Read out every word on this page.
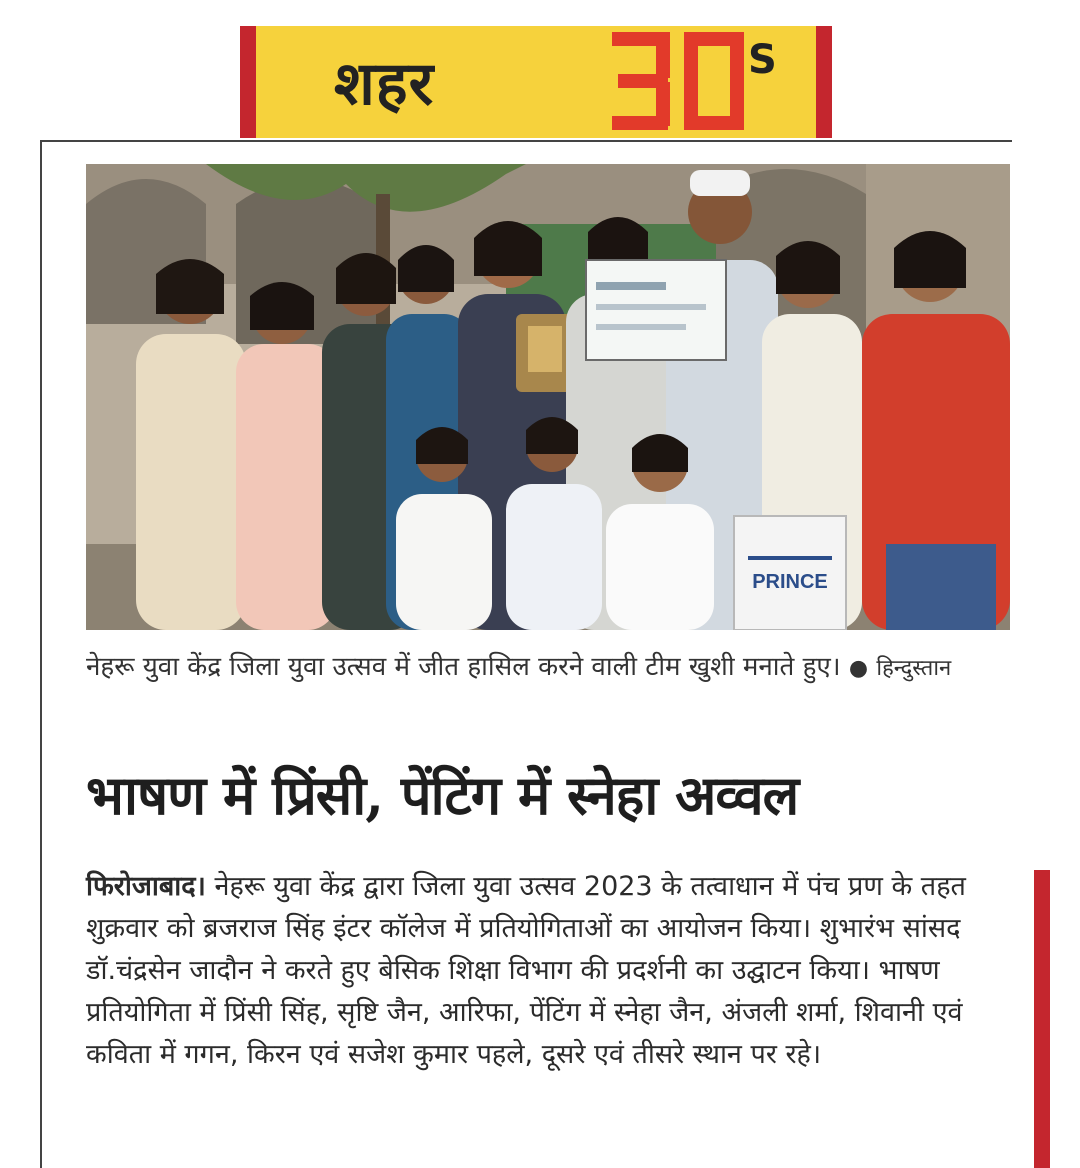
शहर	S
PRINCE
नेहरू युवा केंद्र जिला युवा उत्सव में जीत हासिल करने वाली टीम खुशी मनाते हुए। ● हिन्दुस्तान
भाषण में प्रिंसी, पेंटिंग में स्नेहा अव्वल
फिरोजाबाद। नेहरू युवा केंद्र द्वारा जिला युवा उत्सव 2023 के तत्वाधान में पंच प्रण के तहत शुक्रवार को ब्रजराज सिंह इंटर कॉलेज में प्रतियोगिताओं का आयोजन किया। शुभारंभ सांसद डॉ.चंद्रसेन जादौन ने करते हुए बेसिक शिक्षा विभाग की प्रदर्शनी का उद्घाटन किया। भाषण प्रतियोगिता में प्रिंसी सिंह, सृष्टि जैन, आरिफा, पेंटिंग में स्नेहा जैन, अंजली शर्मा, शिवानी एवं कविता में गगन, किरन एवं सजेश कुमार पहले, दूसरे एवं तीसरे स्थान पर रहे।
